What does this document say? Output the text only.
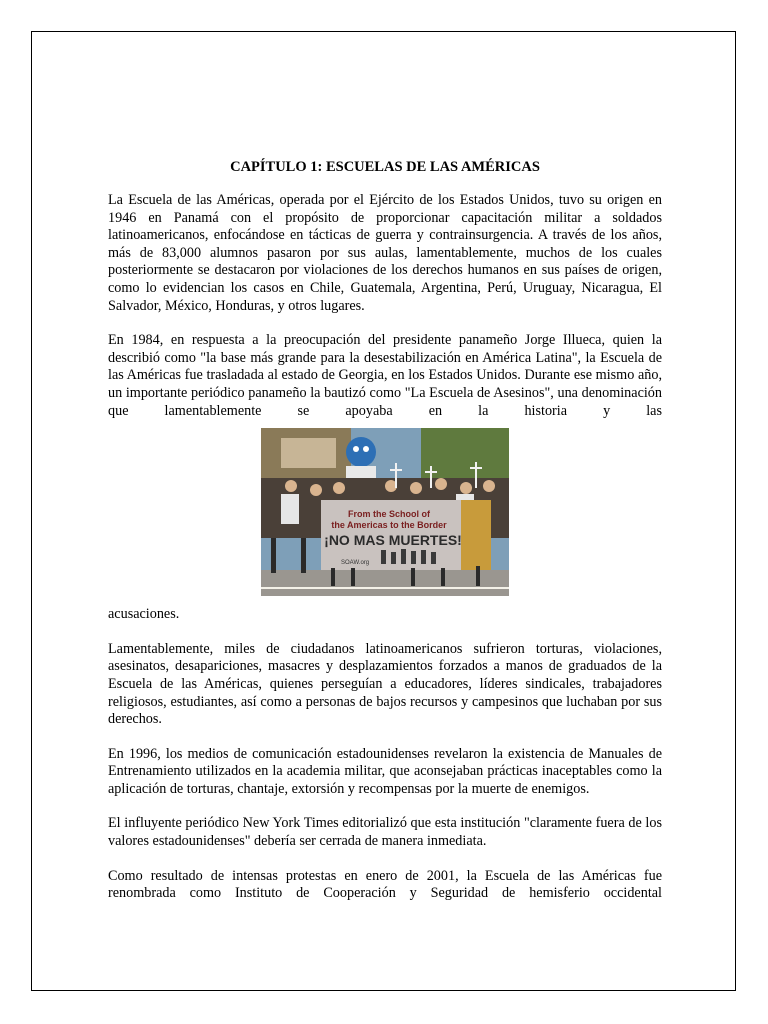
CAPÍTULO 1: ESCUELAS DE LAS AMÉRICAS

La Escuela de las Américas, operada por el Ejército de los Estados Unidos, tuvo su origen en 1946 en Panamá con el propósito de proporcionar capacitación militar a soldados latinoamericanos, enfocándose en tácticas de guerra y contrainsurgencia. A través de los años, más de 83,000 alumnos pasaron por sus aulas, lamentablemente, muchos de los cuales posteriormente se destacaron por violaciones de los derechos humanos en sus países de origen, como lo evidencian los casos en Chile, Guatemala, Argentina, Perú, Uruguay, Nicaragua, El Salvador, México, Honduras, y otros lugares.

En 1984, en respuesta a la preocupación del presidente panameño Jorge Illueca, quien la describió como "la base más grande para la desestabilización en América Latina", la Escuela de las Américas fue trasladada al estado de Georgia, en los Estados Unidos. Durante ese mismo año, un importante periódico panameño la bautizó como "La Escuela de Asesinos", una denominación que lamentablemente se apoyaba en la historia y las

From the School of
the Americas to the Border
¡NO MAS MUERTES!
SOAW.org

acusaciones.

Lamentablemente, miles de ciudadanos latinoamericanos sufrieron torturas, violaciones, asesinatos, desapariciones, masacres y desplazamientos forzados a manos de graduados de la Escuela de las Américas, quienes perseguían a educadores, líderes sindicales, trabajadores religiosos, estudiantes, así como a personas de bajos recursos y campesinos que luchaban por sus derechos.

En 1996, los medios de comunicación estadounidenses revelaron la existencia de Manuales de Entrenamiento utilizados en la academia militar, que aconsejaban prácticas inaceptables como la aplicación de torturas, chantaje, extorsión y recompensas por la muerte de enemigos.

El influyente periódico New York Times editorializó que esta institución "claramente fuera de los valores estadounidenses" debería ser cerrada de manera inmediata.

Como resultado de intensas protestas en enero de 2001, la Escuela de las Américas fue renombrada como Instituto de Cooperación y Seguridad de hemisferio occidental
